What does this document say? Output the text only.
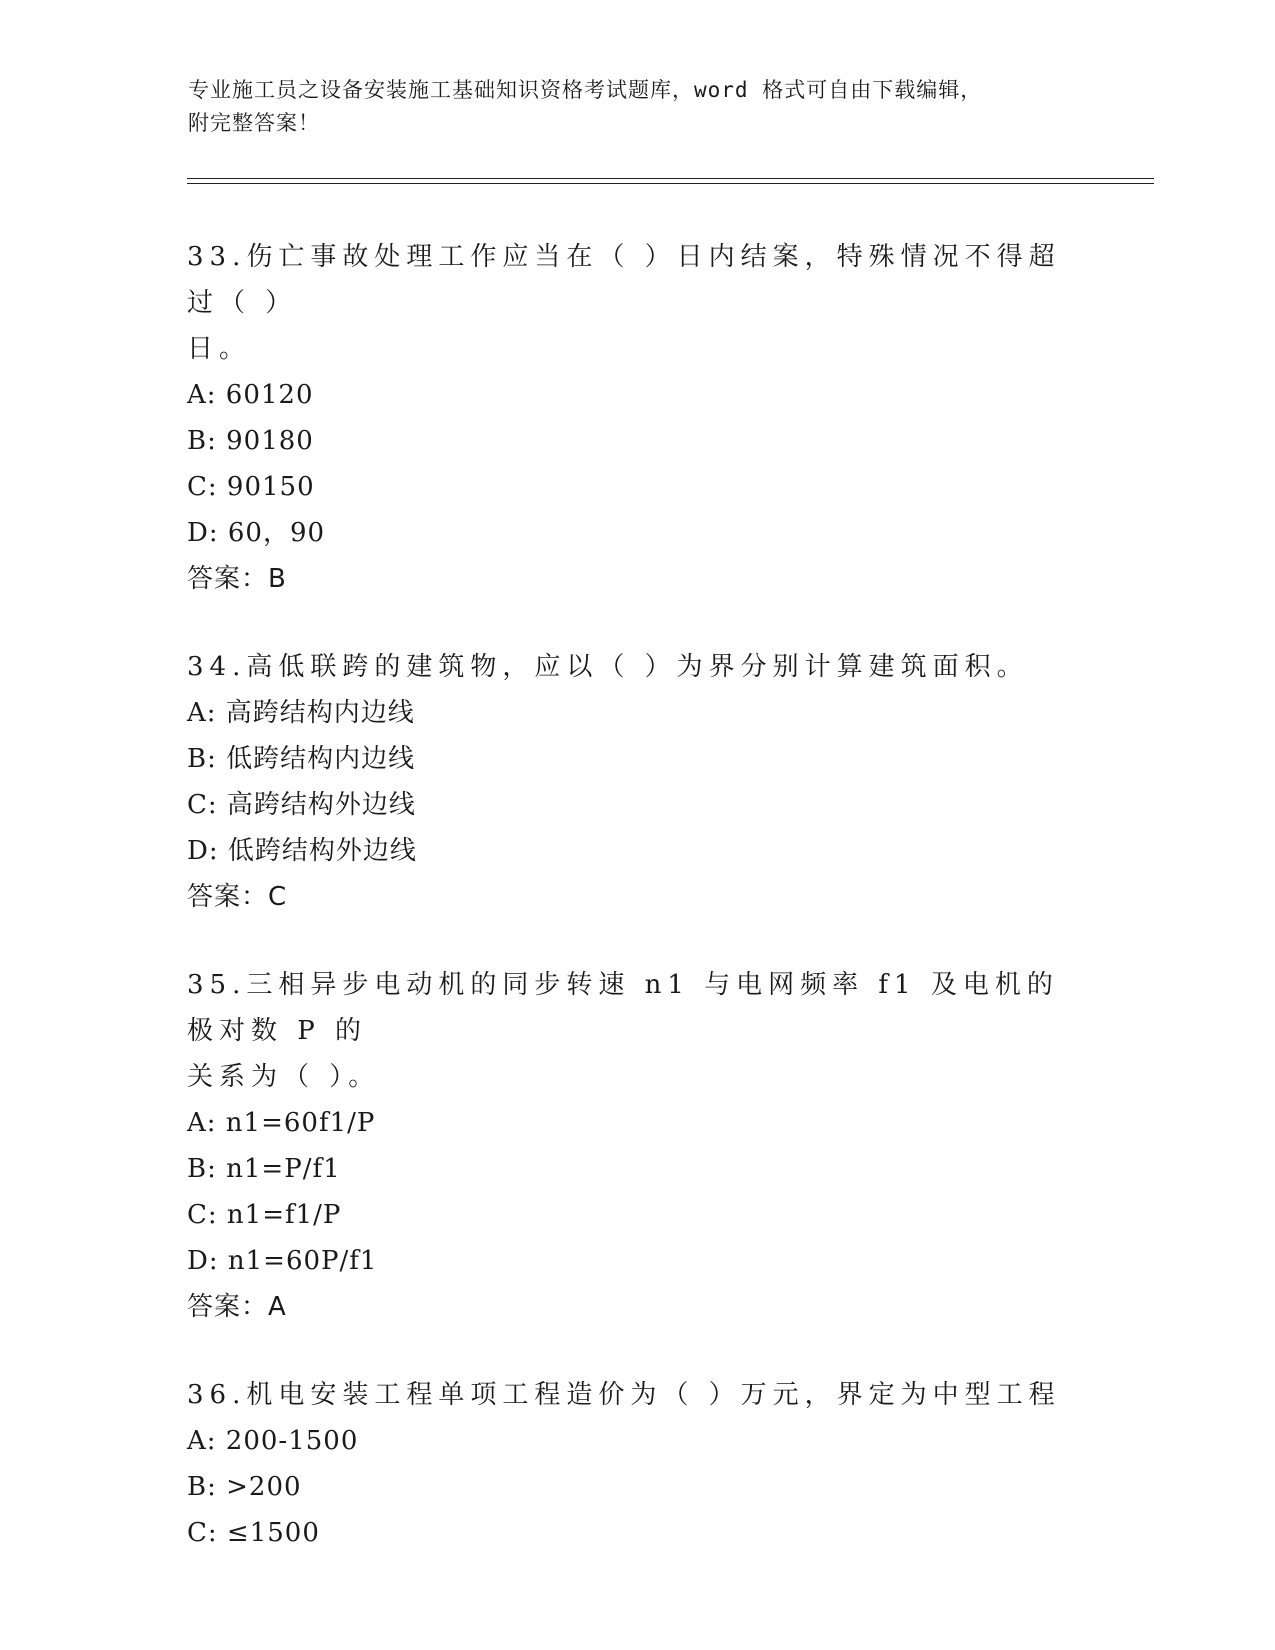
专业施工员之设备安装施工基础知识资格考试题库，word 格式可自由下载编辑，
附完整答案！

33.伤亡事故处理工作应当在（ ）日内结案，特殊情况不得超过（ ）

日。

A: 60120

B: 90180

C: 90150

D: 60，90

答案：B

34.高低联跨的建筑物，应以（ ）为界分别计算建筑面积。

A: 高跨结构内边线

B: 低跨结构内边线

C: 高跨结构外边线

D: 低跨结构外边线

答案：C

35.三相异步电动机的同步转速 n1 与电网频率 f1 及电机的极对数 P 的

关系为（ ）。

A: n1=60f1/P

B: n1=P/f1

C: n1=f1/P

D: n1=60P/f1

答案：A

36.机电安装工程单项工程造价为（ ）万元，界定为中型工程

A: 200-1500

B: >200

C: ≤1500
